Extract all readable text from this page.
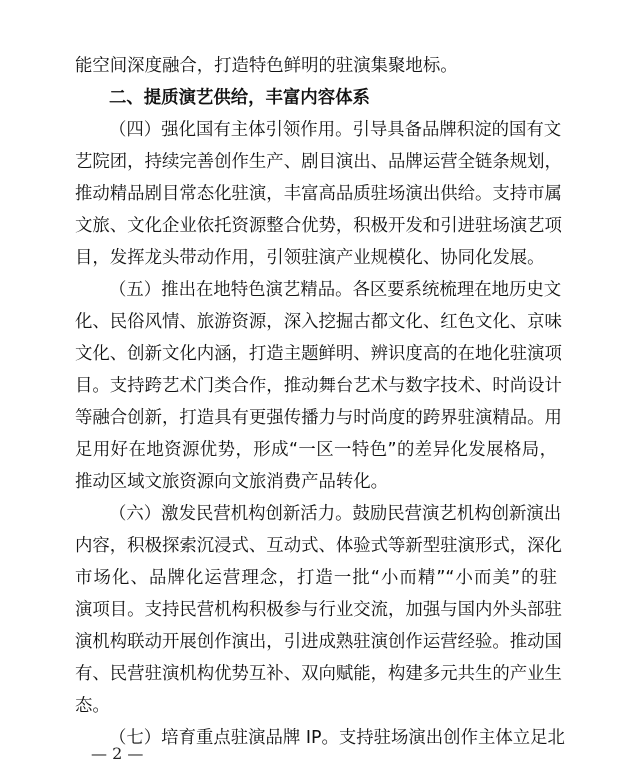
能空间深度融合，打造特色鲜明的驻演集聚地标。
二、提质演艺供给，丰富内容体系
（四）强化国有主体引领作用。引导具备品牌积淀的国有文
艺院团，持续完善创作生产、剧目演出、品牌运营全链条规划，
推动精品剧目常态化驻演，丰富高品质驻场演出供给。支持市属
文旅、文化企业依托资源整合优势，积极开发和引进驻场演艺项
目，发挥龙头带动作用，引领驻演产业规模化、协同化发展。
（五）推出在地特色演艺精品。各区要系统梳理在地历史文
化、民俗风情、旅游资源，深入挖掘古都文化、红色文化、京味
文化、创新文化内涵，打造主题鲜明、辨识度高的在地化驻演项
目。支持跨艺术门类合作，推动舞台艺术与数字技术、时尚设计
等融合创新，打造具有更强传播力与时尚度的跨界驻演精品。用
足用好在地资源优势，形成“一区一特色”的差异化发展格局，
推动区域文旅资源向文旅消费产品转化。
（六）激发民营机构创新活力。鼓励民营演艺机构创新演出
内容，积极探索沉浸式、互动式、体验式等新型驻演形式，深化
市场化、品牌化运营理念，打造一批“小而精”“小而美”的驻
演项目。支持民营机构积极参与行业交流，加强与国内外头部驻
演机构联动开展创作演出，引进成熟驻演创作运营经验。推动国
有、民营驻演机构优势互补、双向赋能，构建多元共生的产业生
态。
（七）培育重点驻演品牌 IP。支持驻场演出创作主体立足北
— 2 —
